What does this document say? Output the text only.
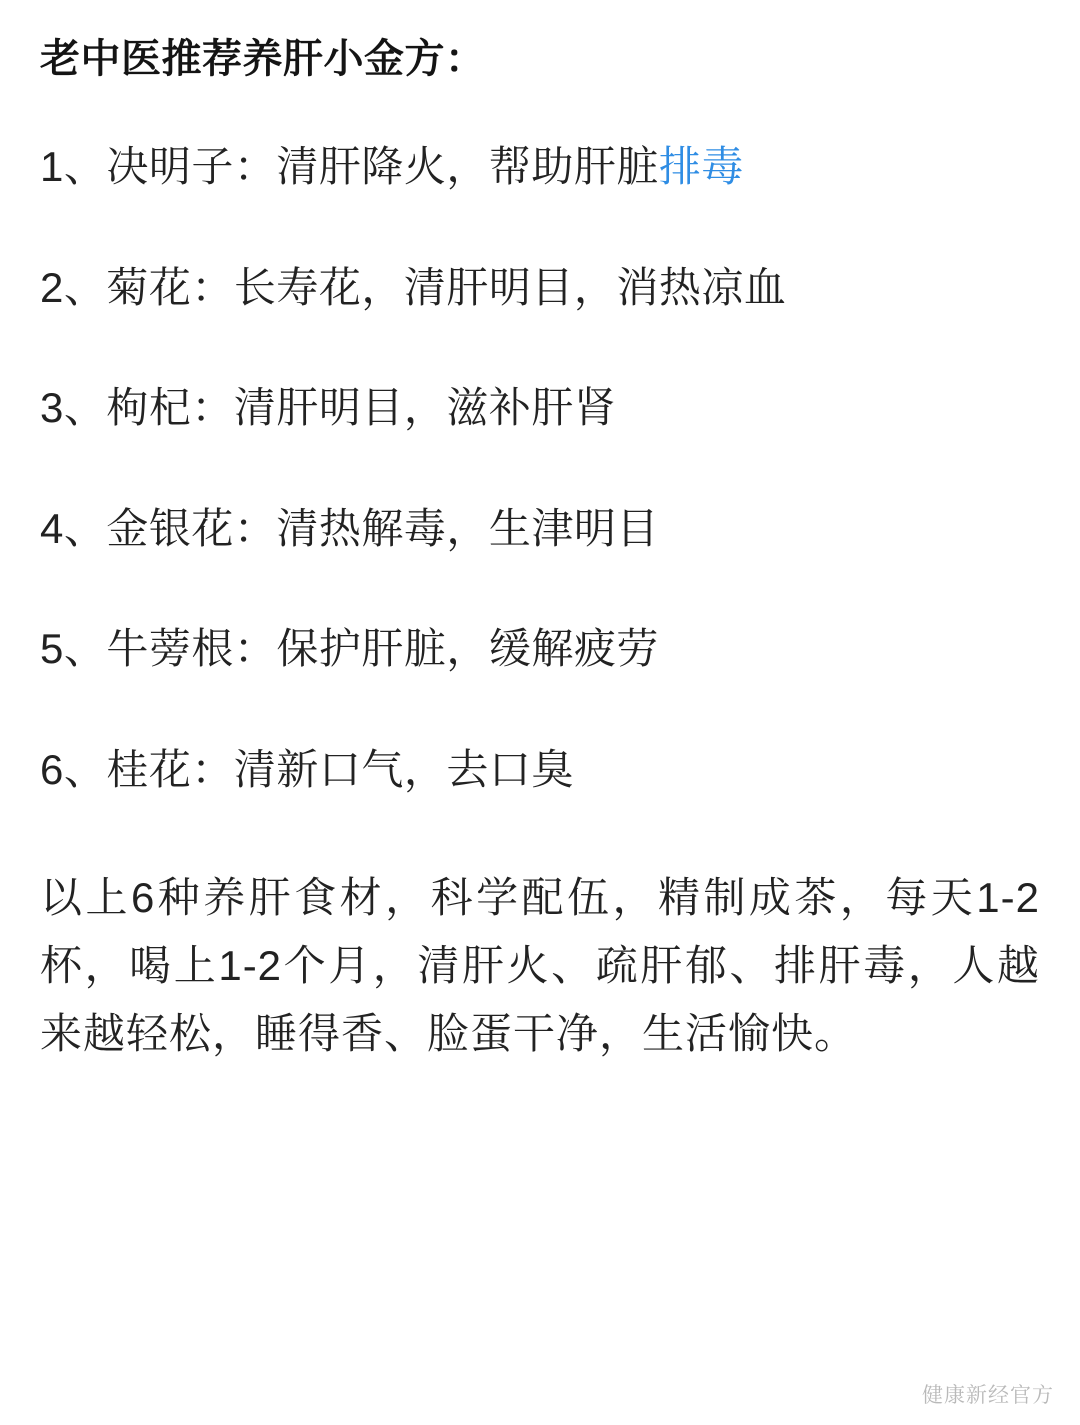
老中医推荐养肝小金方：

1、决明子：清肝降火，帮助肝脏排毒

2、菊花：长寿花，清肝明目，消热凉血

3、枸杞：清肝明目，滋补肝肾

4、金银花：清热解毒，生津明目

5、牛蒡根：保护肝脏，缓解疲劳

6、桂花：清新口气，去口臭

以上6种养肝食材，科学配伍，精制成茶，每天1-2杯，喝上1-2个月，清肝火、疏肝郁、排肝毒，人越来越轻松，睡得香、脸蛋干净，生活愉快。

健康新经官方
